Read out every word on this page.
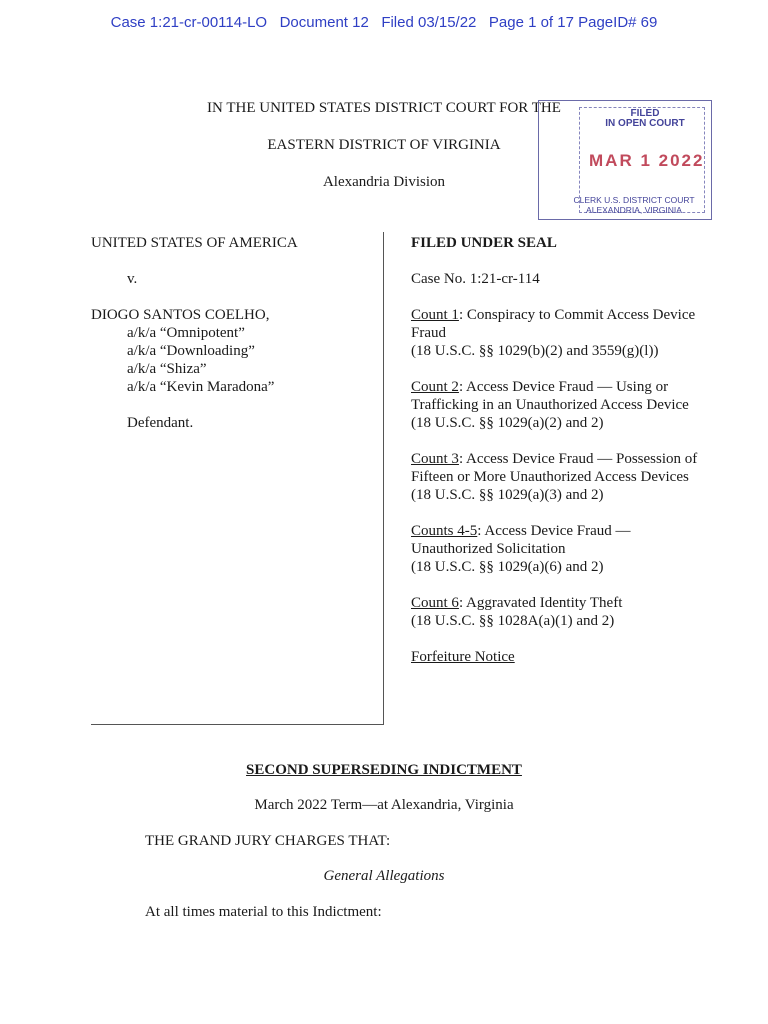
Case 1:21-cr-00114-LO   Document 12   Filed 03/15/22   Page 1 of 17 PageID# 69
IN THE UNITED STATES DISTRICT COURT FOR THE
EASTERN DISTRICT OF VIRGINIA
Alexandria Division
FILED
IN OPEN COURT
MAR 1 2022
CLERK U.S. DISTRICT COURT
ALEXANDRIA, VIRGINIA

UNITED STATES OF AMERICA

v.

DIOGO SANTOS COELHO,

a/k/a “Omnipotent”

a/k/a “Downloading”

a/k/a “Shiza”

a/k/a “Kevin Maradona”

Defendant.

FILED UNDER SEAL

Case No. 1:21-cr-114

Count 1: Conspiracy to Commit Access Device Fraud

(18 U.S.C. §§ 1029(b)(2) and 3559(g)(l))

Count 2: Access Device Fraud — Using or Trafficking in an Unauthorized Access Device

(18 U.S.C. §§ 1029(a)(2) and 2)

Count 3: Access Device Fraud — Possession of Fifteen or More Unauthorized Access Devices

(18 U.S.C. §§ 1029(a)(3) and 2)

Counts 4-5: Access Device Fraud — Unauthorized Solicitation

(18 U.S.C. §§ 1029(a)(6) and 2)

Count 6: Aggravated Identity Theft

(18 U.S.C. §§ 1028A(a)(1) and 2)

Forfeiture Notice

SECOND SUPERSEDING INDICTMENT
March 2022 Term—at Alexandria, Virginia
THE GRAND JURY CHARGES THAT:
General Allegations
At all times material to this Indictment:
